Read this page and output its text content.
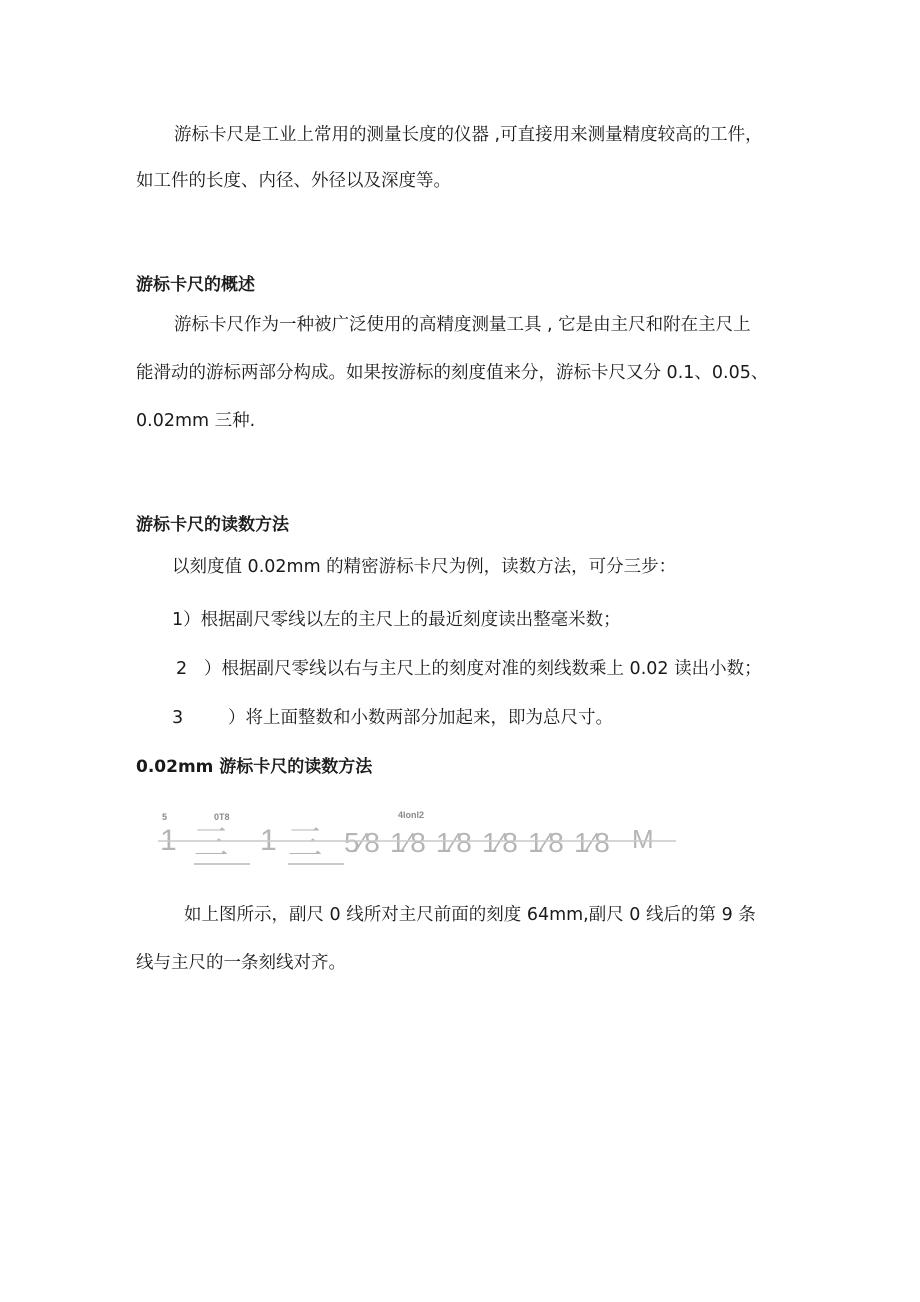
游标卡尺是工业上常用的测量长度的仪器 ,可直接用来测量精度较高的工件，

如工件的长度、内径、外径以及深度等。

游标卡尺的概述

游标卡尺作为一种被广泛使用的高精度测量工具 , 它是由主尺和附在主尺上

能滑动的游标两部分构成。如果按游标的刻度值来分，游标卡尺又分 0.1、0.05、

0.02mm 三种.

游标卡尺的读数方法

以刻度值 0.02mm 的精密游标卡尺为例，读数方法，可分三步：

1）根据副尺零线以左的主尺上的最近刻度读出整毫米数；
2 ）根据副尺零线以右与主尺上的刻度对准的刻线数乘上 0.02 读出小数；
3	）将上面整数和小数两部分加起来，即为总尺寸。
0.02mm 游标卡尺的读数方法
5	0T8	4lonl2
1 三 1 三 5⁄8 1⁄8 1⁄8 1⁄8 1⁄8 1⁄8 M

如上图所示，副尺 0 线所对主尺前面的刻度 64mm,副尺 0 线后的第 9 条

线与主尺的一条刻线对齐。
